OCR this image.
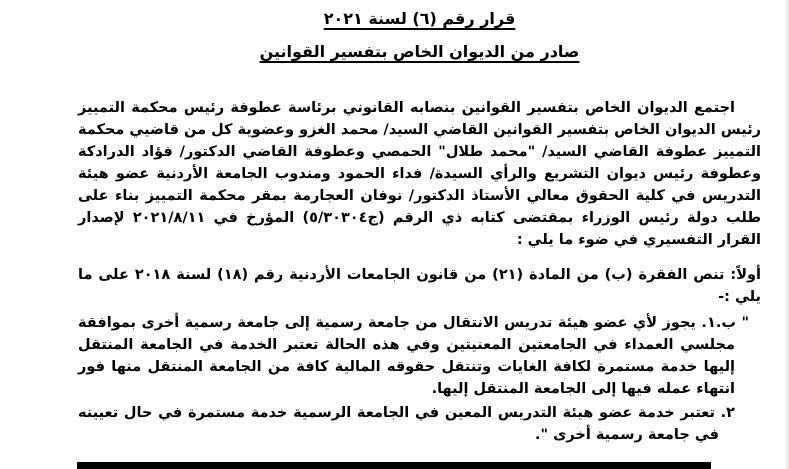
قرار رقم (٦) لسنة ٢٠٢١
صادر من الديوان الخاص بتفسير القوانين

اجتمع الديوان الخاص بتفسير القوانين بنصابه القانوني برئاسة عطوفة رئيس محكمة التمييز رئيس الديوان الخاص بتفسير القوانين القاضي السيد/ محمد الغزو وعضوية كل من قاضيي محكمة التمييز عطوفة القاضي السيد/ "محمد طلال" الحمصي وعطوفة القاضي الدكتور/ فؤاد الدرادكة وعطوفة رئيس ديوان التشريع والرأي السيدة/ فداء الحمود ومندوب الجامعة الأردنية عضو هيئة التدريس في كلية الحقوق معالي الأستاذ الدكتور/ نوفان العجارمة بمقر محكمة التمييز بناء على طلب دولة رئيس الوزراء بمقتضى كتابه ذي الرقم (ج٥/٣٠٣٠٤) المؤرخ في ٢٠٢١/٨/١١ لإصدار القرار التفسيري في ضوء ما يلي :

أولاً: تنص الفقرة (ب) من المادة (٢١) من قانون الجامعات الأردنية رقم (١٨) لسنة ٢٠١٨ على ما يلي :-

" ب.١. يجوز لأي عضو هيئة تدريس الانتقال من جامعة رسمية إلى جامعة رسمية أخرى بموافقة مجلسي العمداء في الجامعتين المعنيتين وفي هذه الحالة تعتبر الخدمة في الجامعة المنتقل إليها خدمة مستمرة لكافة الغايات وتنتقل حقوقه المالية كافة من الجامعة المنتقل منها فور انتهاء عمله فيها إلى الجامعة المنتقل إليها.

٢. تعتبر خدمة عضو هيئة التدريس المعين في الجامعة الرسمية خدمة مستمرة في حال تعيينه في جامعة رسمية أخرى ".
